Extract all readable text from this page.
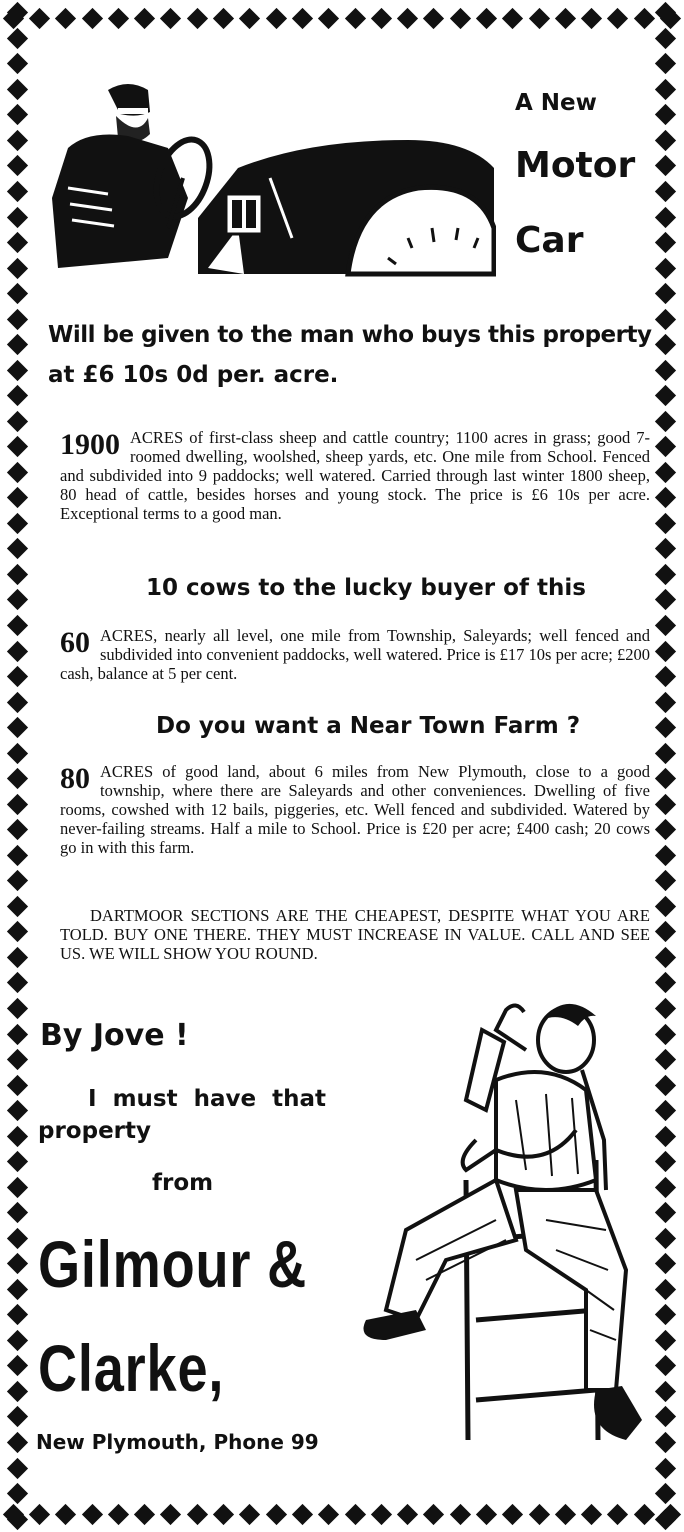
A New
Motor
Car
Will be given to the man who buys this property
at £6 10s 0d per. acre.
1900 ACRES of first-class sheep and cattle country; 1100 acres in grass; good 7-roomed dwelling, woolshed, sheep yards, etc. One mile from School. Fenced and subdivided into 9 paddocks; well watered. Carried through last winter 1800 sheep, 80 head of cattle, besides horses and young stock. The price is £6 10s per acre. Exceptional terms to a good man.
10 cows to the lucky buyer of this
60 ACRES, nearly all level, one mile from Township, Saleyards; well fenced and subdivided into convenient paddocks, well watered. Price is £17 10s per acre; £200 cash, balance at 5 per cent.
Do you want a Near Town Farm ?
80 ACRES of good land, about 6 miles from New Plymouth, close to a good township, where there are Saleyards and other conveniences. Dwelling of five rooms, cowshed with 12 bails, piggeries, etc. Well fenced and subdivided. Watered by never-failing streams. Half a mile to School. Price is £20 per acre; £400 cash; 20 cows go in with this farm.
DARTMOOR SECTIONS ARE THE CHEAPEST, DESPITE WHAT YOU ARE TOLD. BUY ONE THERE. THEY MUST INCREASE IN VALUE. CALL AND SEE US. WE WILL SHOW YOU ROUND.
By Jove !
I must have that
property
from
Gilmour &
Clarke,
New Plymouth, Phone 99
